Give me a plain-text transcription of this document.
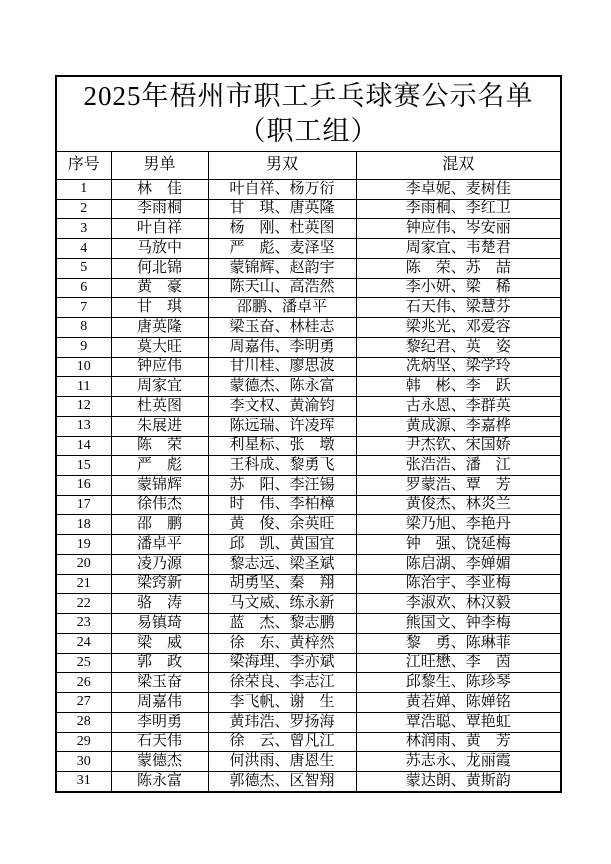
2025年梧州市职工乒乓球赛公示名单
（职工组）			

序号	男单	男双	混双
1	林　佳	叶自祥、杨万衍	李卓妮、麦树佳
2	李雨桐	甘　琪、唐英隆	李雨桐、李红卫
3	叶自祥	杨　刚、杜英图	钟应伟、岑安丽
4	马放中	严　彪、麦泽坚	周家宜、韦楚君
5	何北锦	蒙锦辉、赵韵宇	陈　荣、苏　喆
6	黄　豪	陈天山、高浩然	李小妍、梁　稀
7	甘　琪	邵鹏、潘卓平	石天伟、梁慧芬
8	唐英隆	梁玉奋、林桂志	梁兆光、邓爱容
9	莫大旺	周嘉伟、李明勇	黎纪君、英　姿
10	钟应伟	甘川桂、廖思波	冼炳坚、梁学玲
11	周家宜	蒙德杰、陈永富	韩　彬、李　跃
12	杜英图	李文权、黄渝钧	古永恩、李群英
13	朱展进	陈远瑞、许凌珲	黄成源、李嘉桦
14	陈　荣	利星标、张　墩	尹杰钦、宋国娇
15	严　彪	王科成、黎勇飞	张浩浩、潘　江
16	蒙锦辉	苏　阳、李汪锡	罗蒙浩、覃　芳
17	徐伟杰	时　伟、李柏樟	黄俊杰、林炎兰
18	邵　鹏	黄　俊、余英旺	梁乃旭、李艳丹
19	潘卓平	邱　凯、黄国宜	钟　强、饶延梅
20	凌乃源	黎志远、梁圣斌	陈启湖、李婵媚
21	梁窍新	胡勇坚、秦　翔	陈治宇、李亚梅
22	骆　涛	马文威、练永新	李淑欢、林汉毅
23	易镇琦	蓝　杰、黎志鹏	熊国文、钟李梅
24	梁　威	徐　东、黄梓然	黎　勇、陈琳菲
25	郭　政	梁海理、李亦斌	江旺懋、李　茵
26	梁玉奋	徐荣良、李志江	邱黎生、陈珍琴
27	周嘉伟	李飞帆、谢　生	黄若婵、陈婵铭
28	李明勇	黄玮浩、罗扬海	覃浩聪、覃艳虹
29	石天伟	徐　云、曾凡江	林润雨、黄　芳
30	蒙德杰	何洪雨、唐恩生	苏志永、龙丽霞
31	陈永富	郭德杰、区智翔	蒙达朗、黄斯韵
